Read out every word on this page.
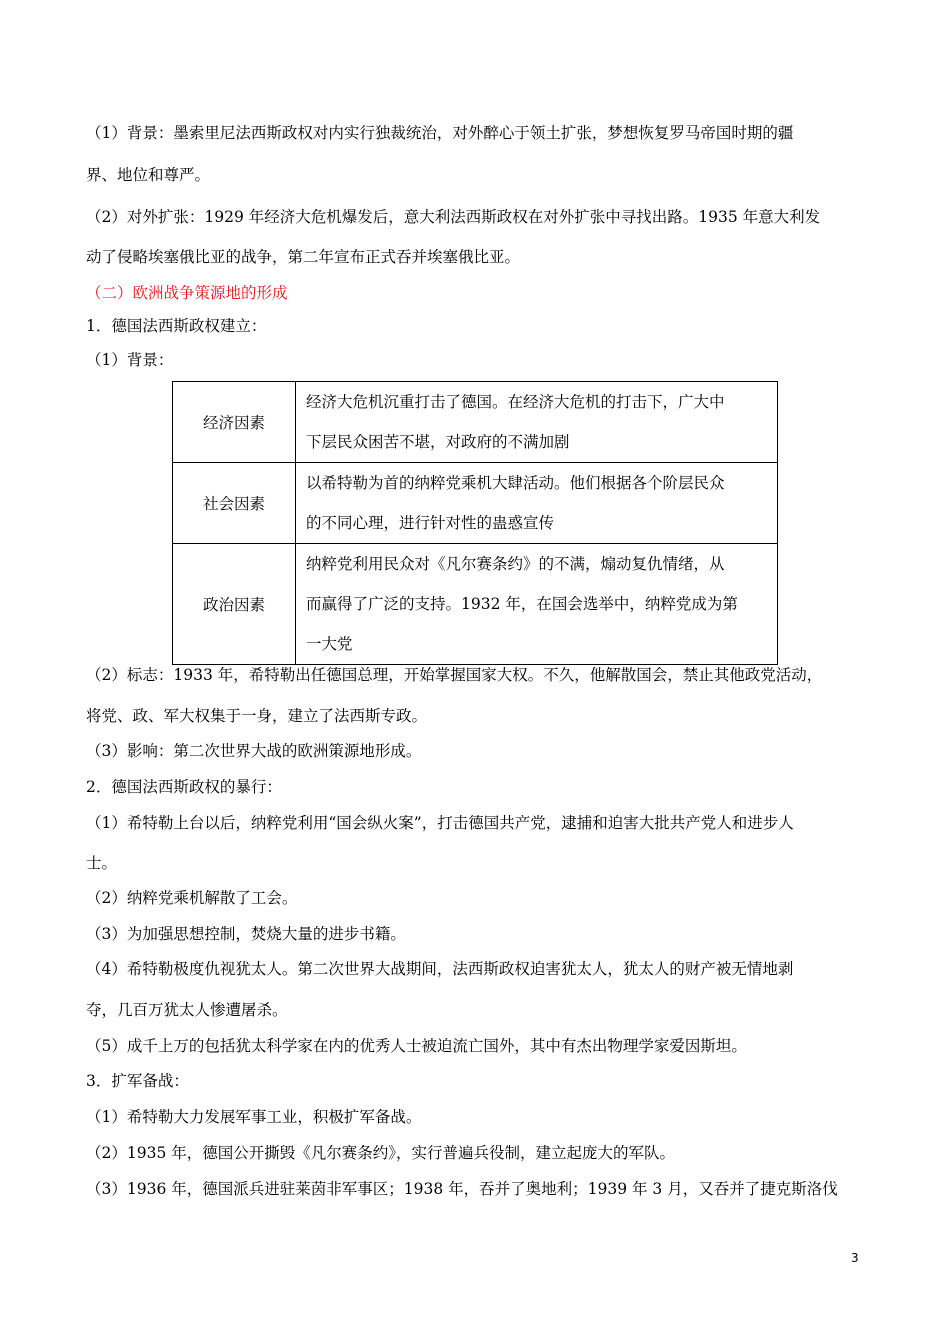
（1）背景：墨索里尼法西斯政权对内实行独裁统治，对外醉心于领土扩张，梦想恢复罗马帝国时期的疆
界、地位和尊严。
（2）对外扩张：1929 年经济大危机爆发后，意大利法西斯政权在对外扩张中寻找出路。1935 年意大利发
动了侵略埃塞俄比亚的战争，第二年宣布正式吞并埃塞俄比亚。
（二）欧洲战争策源地的形成
1．德国法西斯政权建立：
（1）背景：
经济因素	经济大危机沉重打击了德国。在经济大危机的打击下，广大中
下层民众困苦不堪，对政府的不满加剧

社会因素	以希特勒为首的纳粹党乘机大肆活动。他们根据各个阶层民众
的不同心理，进行针对性的蛊惑宣传

政治因素	纳粹党利用民众对《凡尔赛条约》的不满，煽动复仇情绪，从
而赢得了广泛的支持。1932 年，在国会选举中，纳粹党成为第
一大党
（2）标志：1933 年，希特勒出任德国总理，开始掌握国家大权。不久，他解散国会，禁止其他政党活动，
将党、政、军大权集于一身，建立了法西斯专政。
（3）影响：第二次世界大战的欧洲策源地形成。
2．德国法西斯政权的暴行：
（1）希特勒上台以后，纳粹党利用“国会纵火案”，打击德国共产党，逮捕和迫害大批共产党人和进步人
士。
（2）纳粹党乘机解散了工会。
（3）为加强思想控制，焚烧大量的进步书籍。
（4）希特勒极度仇视犹太人。第二次世界大战期间，法西斯政权迫害犹太人，犹太人的财产被无情地剥
夺，几百万犹太人惨遭屠杀。
（5）成千上万的包括犹太科学家在内的优秀人士被迫流亡国外，其中有杰出物理学家爱因斯坦。
3．扩军备战：
（1）希特勒大力发展军事工业，积极扩军备战。
（2）1935 年，德国公开撕毁《凡尔赛条约》，实行普遍兵役制，建立起庞大的军队。
（3）1936 年，德国派兵进驻莱茵非军事区；1938 年，吞并了奥地利；1939 年 3 月，又吞并了捷克斯洛伐
3
